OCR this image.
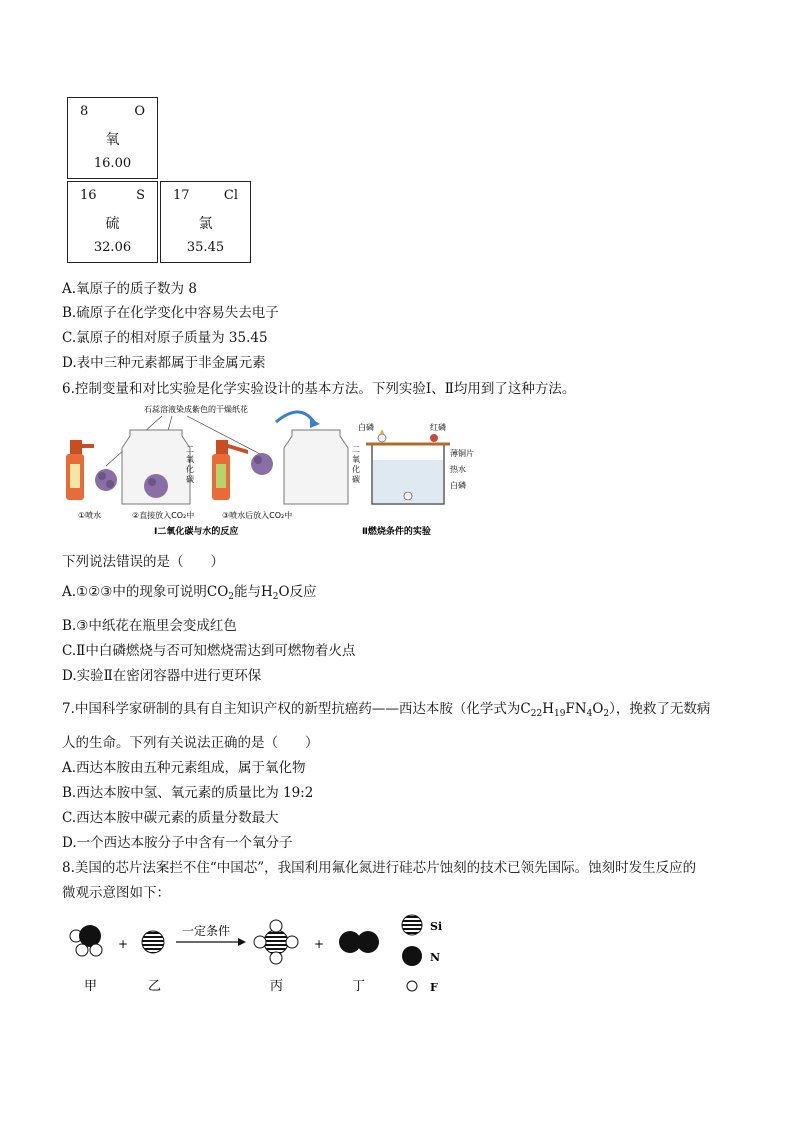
8	O
氧
16.00
16	S
硫
32.06
17	Cl
氯
35.45
A.氧原子的质子数为 8
B.硫原子在化学变化中容易失去电子
C.氯原子的相对原子质量为 35.45
D.表中三种元素都属于非金属元素
6.控制变量和对比实验是化学实验设计的基本方法。下列实验Ⅰ、Ⅱ均用到了这种方法。
石蕊溶液染成紫色的干燥纸花
二
氧
化
碳
二
氧
化
碳
①喷水	②直接放入CO₂中	③喷水后放入CO₂中
Ⅰ二氧化碳与水的反应
白磷	红磷
薄铜片
热水
白磷
Ⅱ燃烧条件的实验
下列说法错误的是（　　）
A.①②③中的现象可说明$CO_2$能与$H_2O$反应
B.③中纸花在瓶里会变成红色
C.Ⅱ中白磷燃烧与否可知燃烧需达到可燃物着火点
D.实验Ⅱ在密闭容器中进行更环保
7.中国科学家研制的具有自主知识产权的新型抗癌药——西达本胺（化学式为$C_{22}H_{19}FN_4O_2$），挽救了无数病
人的生命。下列有关说法正确的是（　　）
A.西达本胺由五种元素组成，属于氧化物
B.西达本胺中氢、氧元素的质量比为 19:2
C.西达本胺中碳元素的质量分数最大
D.一个西达本胺分子中含有一个氧分子
8.美国的芯片法案拦不住“中国芯”，我国利用氟化氮进行硅芯片蚀刻的技术已领先国际。蚀刻时发生反应的
微观示意图如下：
+
一定条件
+
甲	乙	丙	丁
Si
N
F
